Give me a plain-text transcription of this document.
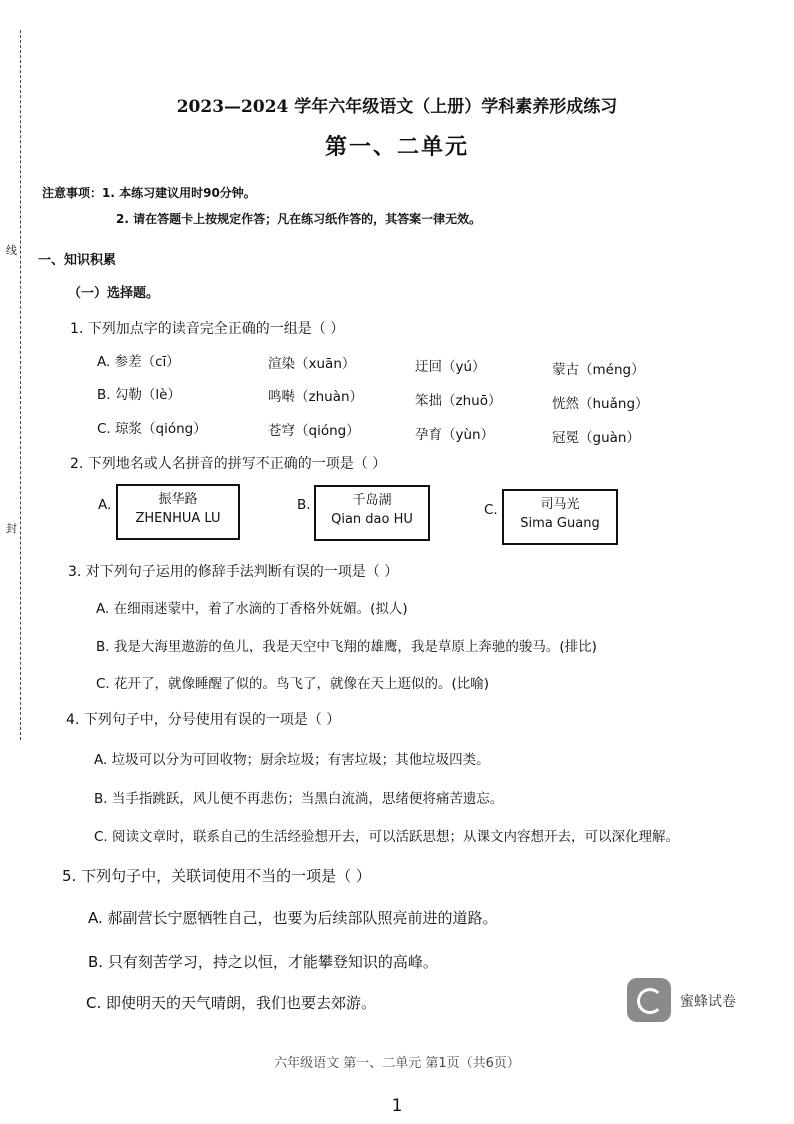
线
封
2023—2024 学年六年级语文（上册）学科素养形成练习
第一、二单元
注意事项：1. 本练习建议用时90分钟。
2. 请在答题卡上按规定作答；凡在练习纸作答的，其答案一律无效。
一、知识积累
（一）选择题。
1. 下列加点字的读音完全正确的一组是（ ）
A. 参差（cī）	渲染（xuān）	迂回（yú）	蒙古（méng）
B. 勾勒（lè）	鸣啭（zhuàn）	笨拙（zhuō）	恍然（huǎng）
C. 琼浆（qióng）	苍穹（qióng）	孕育（yùn）	冠冕（guàn）
2. 下列地名或人名拼音的拼写不正确的一项是（ ）
A.	振华路
ZHENHUA LU
B.	千岛湖
Qian dao HU
C.	司马光
Sima Guang
3. 对下列句子运用的修辞手法判断有误的一项是（ ）
A. 在细雨迷蒙中，着了水滴的丁香格外妩媚。(拟人)
B. 我是大海里遨游的鱼儿，我是天空中飞翔的雄鹰，我是草原上奔驰的骏马。(排比)
C. 花开了，就像睡醒了似的。鸟飞了，就像在天上逛似的。(比喻)
4. 下列句子中，分号使用有误的一项是（ ）
A. 垃圾可以分为可回收物；厨余垃圾；有害垃圾；其他垃圾四类。
B. 当手指跳跃，风儿便不再悲伤；当黑白流淌，思绪便将痛苦遗忘。
C. 阅读文章时，联系自己的生活经验想开去，可以活跃思想；从课文内容想开去，可以深化理解。
5. 下列句子中，关联词使用不当的一项是（ ）
A. 郝副营长宁愿牺牲自己，也要为后续部队照亮前进的道路。
B. 只有刻苦学习，持之以恒，才能攀登知识的高峰。
C. 即使明天的天气晴朗，我们也要去郊游。	蜜蜂试卷
六年级语文 第一、二单元 第1页（共6页）
1
